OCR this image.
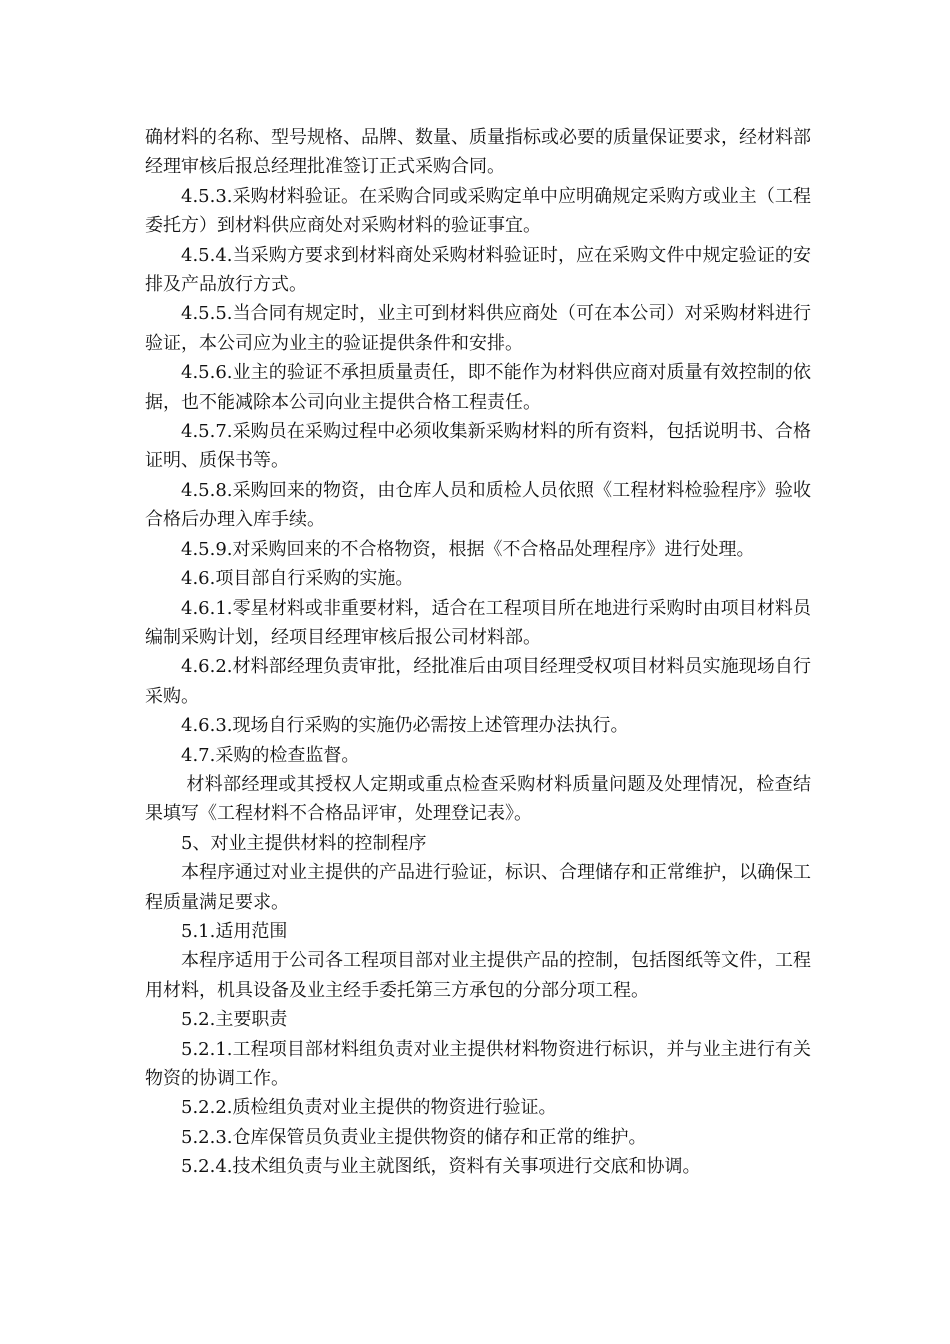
确材料的名称、型号规格、品牌、数量、质量指标或必要的质量保证要求，经材料部经理审核后报总经理批准签订正式采购合同。

4.5.3.采购材料验证。在采购合同或采购定单中应明确规定采购方或业主（工程委托方）到材料供应商处对采购材料的验证事宜。

4.5.4.当采购方要求到材料商处采购材料验证时，应在采购文件中规定验证的安排及产品放行方式。

4.5.5.当合同有规定时，业主可到材料供应商处（可在本公司）对采购材料进行验证，本公司应为业主的验证提供条件和安排。

4.5.6.业主的验证不承担质量责任，即不能作为材料供应商对质量有效控制的依据，也不能减除本公司向业主提供合格工程责任。

4.5.7.采购员在采购过程中必须收集新采购材料的所有资料，包括说明书、合格证明、质保书等。

4.5.8.采购回来的物资，由仓库人员和质检人员依照《工程材料检验程序》验收合格后办理入库手续。

4.5.9.对采购回来的不合格物资，根据《不合格品处理程序》进行处理。

4.6.项目部自行采购的实施。

4.6.1.零星材料或非重要材料，适合在工程项目所在地进行采购时由项目材料员编制采购计划，经项目经理审核后报公司材料部。

4.6.2.材料部经理负责审批，经批准后由项目经理受权项目材料员实施现场自行采购。

4.6.3.现场自行采购的实施仍必需按上述管理办法执行。

4.7.采购的检查监督。

材料部经理或其授权人定期或重点检查采购材料质量问题及处理情况，检查结果填写《工程材料不合格品评审，处理登记表》。

5、对业主提供材料的控制程序

本程序通过对业主提供的产品进行验证，标识、合理储存和正常维护，以确保工程质量满足要求。

5.1.适用范围

本程序适用于公司各工程项目部对业主提供产品的控制，包括图纸等文件，工程用材料，机具设备及业主经手委托第三方承包的分部分项工程。

5.2.主要职责

5.2.1.工程项目部材料组负责对业主提供材料物资进行标识，并与业主进行有关物资的协调工作。

5.2.2.质检组负责对业主提供的物资进行验证。

5.2.3.仓库保管员负责业主提供物资的储存和正常的维护。

5.2.4.技术组负责与业主就图纸，资料有关事项进行交底和协调。
